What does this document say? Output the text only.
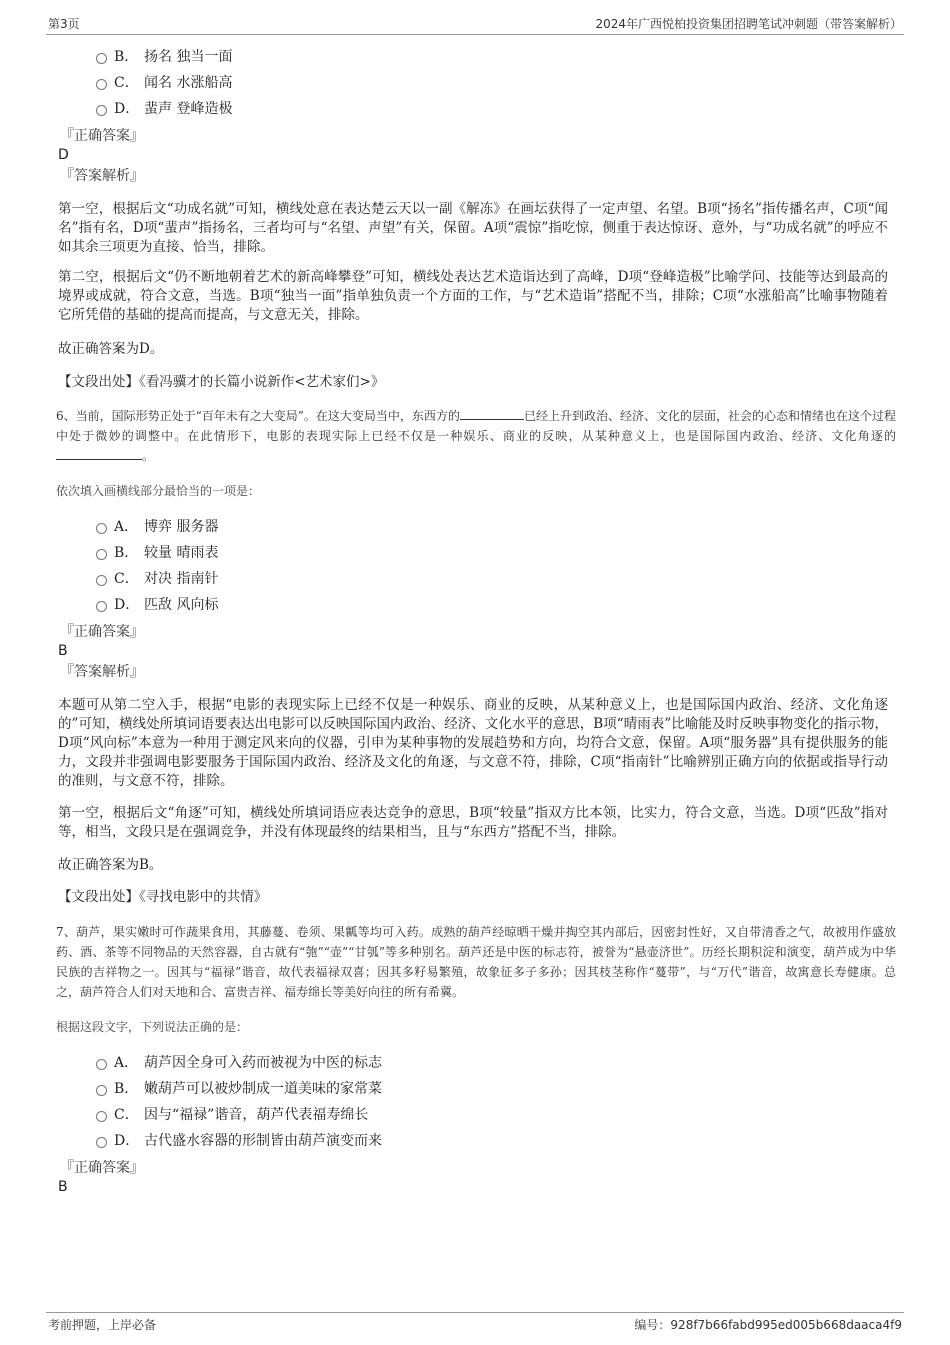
第3页	2024年广西悦柏投资集团招聘笔试冲刺题（带答案解析）
B． 扬名 独当一面
C． 闻名 水涨船高
D． 蜚声 登峰造极
『正确答案』
D
『答案解析』
第一空，根据后文“功成名就”可知，横线处意在表达楚云天以一副《解冻》在画坛获得了一定声望、名望。B项“扬名”指传播名声，C项“闻名”指有名，D项“蜚声”指扬名，三者均可与“名望、声望”有关，保留。A项“震惊”指吃惊，侧重于表达惊讶、意外，与“功成名就”的呼应不如其余三项更为直接、恰当，排除。
第二空，根据后文“仍不断地朝着艺术的新高峰攀登”可知，横线处表达艺术造诣达到了高峰，D项“登峰造极”比喻学问、技能等达到最高的境界或成就，符合文意，当选。B项“独当一面”指单独负责一个方面的工作，与“艺术造诣”搭配不当，排除；C项“水涨船高”比喻事物随着它所凭借的基础的提高而提高，与文意无关，排除。
故正确答案为D。
【文段出处】《看冯骥才的长篇小说新作<艺术家们>》
6、当前，国际形势正处于“百年未有之大变局”。在这大变局当中，东西方的	已经上升到政治、经济、文化的层面，社会的心态和情绪也在这个过程中处于微妙的调整中。在此情形下，电影的表现实际上已经不仅是一种娱乐、商业的反映，从某种意义上，也是国际国内政治、经济、文化角逐的。
依次填入画横线部分最恰当的一项是：
A． 博弈 服务器
B． 较量 晴雨表
C． 对决 指南针
D． 匹敌 风向标
『正确答案』
B
『答案解析』
本题可从第二空入手，根据“电影的表现实际上已经不仅是一种娱乐、商业的反映，从某种意义上，也是国际国内政治、经济、文化角逐的”可知，横线处所填词语要表达出电影可以反映国际国内政治、经济、文化水平的意思，B项“晴雨表”比喻能及时反映事物变化的指示物，D项“风向标”本意为一种用于测定风来向的仪器，引申为某种事物的发展趋势和方向，均符合文意，保留。A项“服务器”具有提供服务的能力，文段并非强调电影要服务于国际国内政治、经济及文化的角逐，与文意不符，排除，C项“指南针”比喻辨别正确方向的依据或指导行动的准则，与文意不符，排除。
第一空，根据后文“角逐”可知，横线处所填词语应表达竞争的意思，B项“较量”指双方比本领，比实力，符合文意，当选。D项“匹敌”指对等，相当，文段只是在强调竞争，并没有体现最终的结果相当，且与“东西方”搭配不当，排除。
故正确答案为B。
【文段出处】《寻找电影中的共情》
7、葫芦，果实嫩时可作蔬果食用，其藤蔓、卷须、果瓤等均可入药。成熟的葫芦经晾晒干燥并掏空其内部后，因密封性好，又自带清香之气，故被用作盛放药、酒、茶等不同物品的天然容器，自古就有“匏”“壶”“甘瓠”等多种别名。葫芦还是中医的标志符，被誉为“悬壶济世”。历经长期积淀和演变，葫芦成为中华民族的吉祥物之一。因其与“福禄”谐音，故代表福禄双喜；因其多籽易繁殖，故象征多子多孙；因其枝茎称作“蔓带”，与“万代”谐音，故寓意长寿健康。总之，葫芦符合人们对天地和合、富贵吉祥、福寿绵长等美好向往的所有希冀。
根据这段文字，下列说法正确的是：
A． 葫芦因全身可入药而被视为中医的标志
B． 嫩葫芦可以被炒制成一道美味的家常菜
C． 因与“福禄”谐音，葫芦代表福寿绵长
D． 古代盛水容器的形制皆由葫芦演变而来
『正确答案』
B
考前押题，上岸必备	编号：928f7b66fabd995ed005b668daaca4f9
